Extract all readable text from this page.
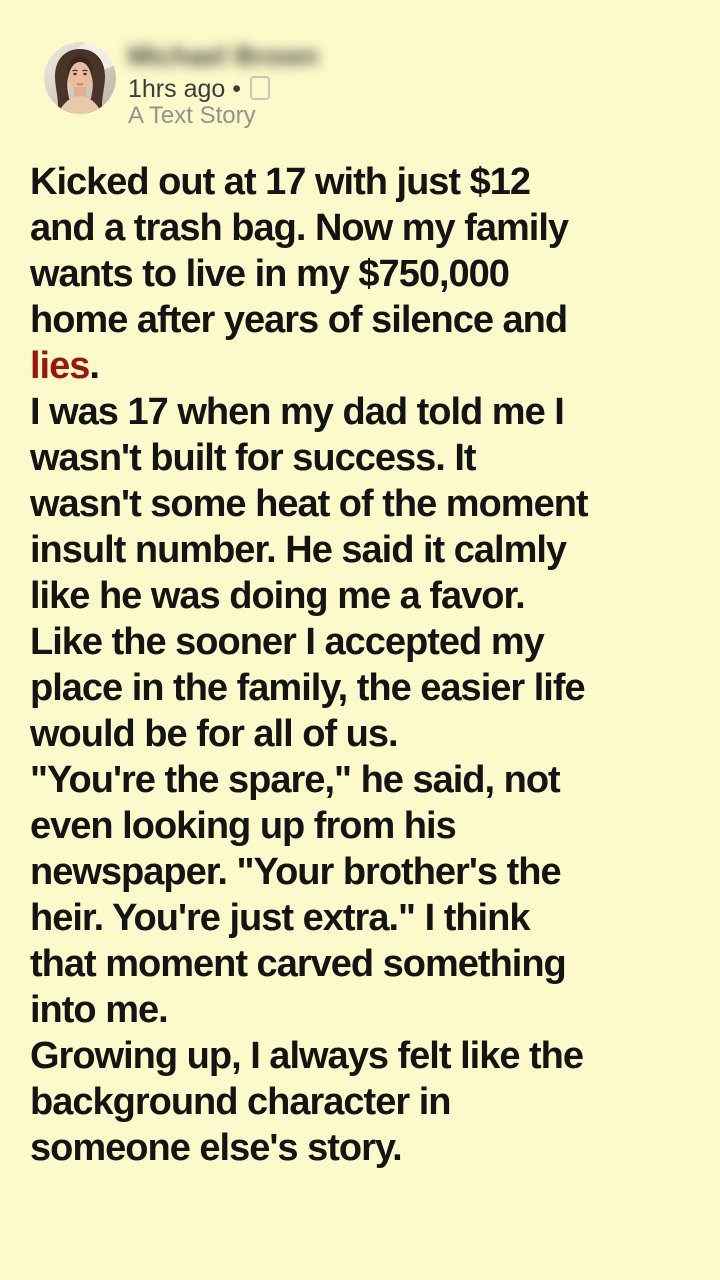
Michael Brown
1hrs ago •
A Text Story
Kicked out at 17 with just $12
and a trash bag. Now my family
wants to live in my $750,000
home after years of silence and
lies.
I was 17 when my dad told me I
wasn't built for success. It
wasn't some heat of the moment
insult number. He said it calmly
like he was doing me a favor.
Like the sooner I accepted my
place in the family, the easier life
would be for all of us.
"You're the spare," he said, not
even looking up from his
newspaper. "Your brother's the
heir. You're just extra." I think
that moment carved something
into me.
Growing up, I always felt like the
background character in
someone else's story.
